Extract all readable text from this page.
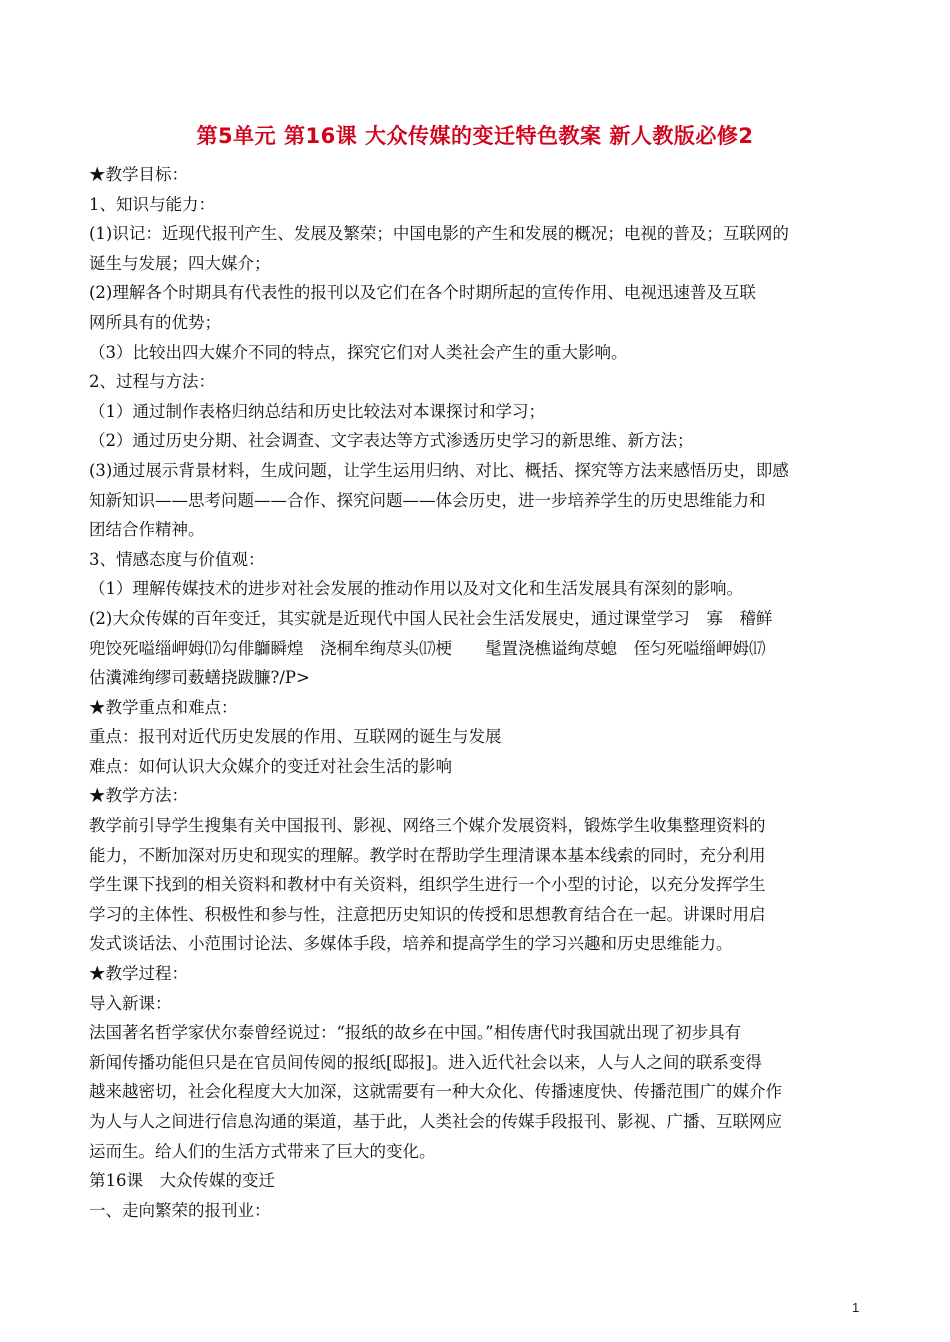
第5单元 第16课 大众传媒的变迁特色教案 新人教版必修2

★教学目标：

1、知识与能力：

(1)识记：近现代报刊产生、发展及繁荣；中国电影的产生和发展的概况；电视的普及；互联网的

诞生与发展；四大媒介；

(2)理解各个时期具有代表性的报刊以及它们在各个时期所起的宣传作用、电视迅速普及互联

网所具有的优势；

（3）比较出四大媒介不同的特点，探究它们对人类社会产生的重大影响。

2、过程与方法：

（1）通过制作表格归纳总结和历史比较法对本课探讨和学习；

（2）通过历史分期、社会调查、文字表达等方式渗透历史学习的新思维、新方法；

(3)通过展示背景材料，生成问题，让学生运用归纳、对比、概括、探究等方法来感悟历史，即感

知新知识——思考问题——合作、探究问题——体会历史，进一步培养学生的历史思维能力和

团结合作精神。

3、情感态度与价值观：

（1）理解传媒技术的进步对社会发展的推动作用以及对文化和生活发展具有深刻的影响。

(2)大众传媒的百年变迁，其实就是近现代中国人民社会生活发展史，通过课堂学习　寡　稽鲜

兜饺死嗌缁岬姆⒄勾俳鶳瞬煌　浇桐牟绚荩头⒄梗　　髦置浇樵谥绚荩螅　侄匀死嗌缁岬姆⒄

估瀵滩绚缪司薮蟮挠跋臁?/P>

★教学重点和难点：

重点：报刊对近代历史发展的作用、互联网的诞生与发展

难点：如何认识大众媒介的变迁对社会生活的影响

★教学方法：

教学前引导学生搜集有关中国报刊、影视、网络三个媒介发展资料，锻炼学生收集整理资料的

能力，不断加深对历史和现实的理解。教学时在帮助学生理清课本基本线索的同时，充分利用

学生课下找到的相关资料和教材中有关资料，组织学生进行一个小型的讨论，以充分发挥学生

学习的主体性、积极性和参与性，注意把历史知识的传授和思想教育结合在一起。讲课时用启

发式谈话法、小范围讨论法、多媒体手段，培养和提高学生的学习兴趣和历史思维能力。

★教学过程：

导入新课：

法国著名哲学家伏尔泰曾经说过：“报纸的故乡在中国。”相传唐代时我国就出现了初步具有

新闻传播功能但只是在官员间传阅的报纸[邸报]。进入近代社会以来，人与人之间的联系变得

越来越密切，社会化程度大大加深，这就需要有一种大众化、传播速度快、传播范围广的媒介作

为人与人之间进行信息沟通的渠道，基于此，人类社会的传媒手段报刊、影视、广播、互联网应

运而生。给人们的生活方式带来了巨大的变化。

第16课　大众传媒的变迁

一、走向繁荣的报刊业：

1
